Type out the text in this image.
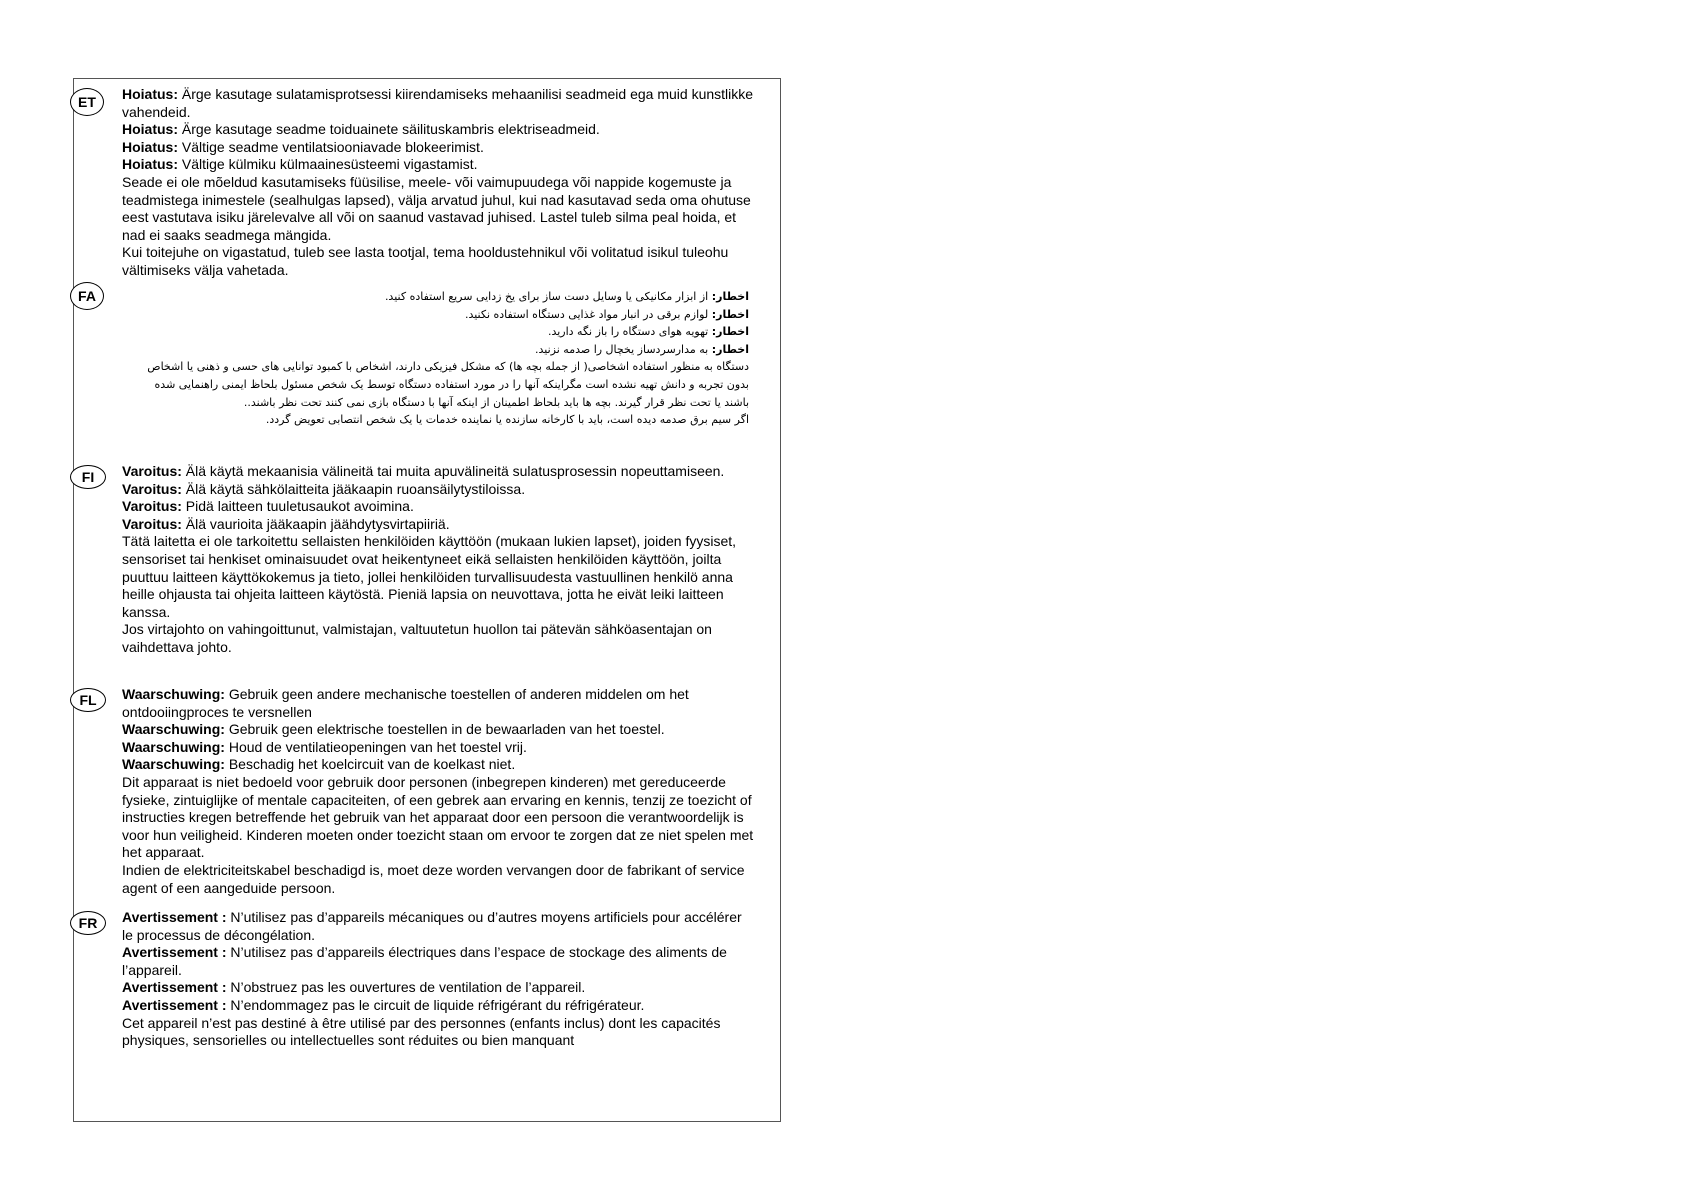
ET	Hoiatus: Ärge kasutage sulatamisprotsessi kiirendamiseks mehaanilisi seadmeid ega muid kunstlikke vahendeid.

Hoiatus: Ärge kasutage seadme toiduainete säilituskambris elektriseadmeid.

Hoiatus: Vältige seadme ventilatsiooniavade blokeerimist.

Hoiatus: Vältige külmiku külmaainesüsteemi vigastamist.

Seade ei ole mõeldud kasutamiseks füüsilise, meele- või vaimupuudega või nappide kogemuste ja teadmistega inimestele (sealhulgas lapsed), välja arvatud juhul, kui nad kasutavad seda oma ohutuse eest vastutava isiku järelevalve all või on saanud vastavad juhised. Lastel tuleb silma peal hoida, et nad ei saaks seadmega mängida.

Kui toitejuhe on vigastatud, tuleb see lasta tootjal, tema hooldustehnikul või volitatud isikul tuleohu vältimiseks välja vahetada.

FA	اخطار: از ابزار مکانیکی یا وسایل دست ساز برای یخ زدایی سریع استفاده کنید.

اخطار: لوازم برقی در انبار مواد غذایی دستگاه استفاده نکنید.

اخطار: تهویه هوای دستگاه را باز نگه دارید.

اخطار: به مدارسردساز یخچال را صدمه نزنید.

دستگاه به منظور استفاده اشخاصی( از جمله بچه ها) که مشکل فیزیکی دارند، اشخاص با کمبود توانایی های حسی و ذهنی یا اشخاص بدون تجربه و دانش تهیه نشده است مگراینکه آنها را در مورد استفاده دستگاه توسط یک شخص مسئول بلحاظ ایمنی راهنمایی شده باشند یا تحت نظر قرار گیرند. بچه ها باید بلحاظ اطمینان از اینکه آنها با دستگاه بازی نمی کنند تحت نظر باشند..

اگر سیم برق صدمه دیده است، باید با کارخانه سازنده یا نماینده خدمات یا یک شخص انتصابی تعویض گردد.

FI	Varoitus: Älä käytä mekaanisia välineitä tai muita apuvälineitä sulatusprosessin nopeuttamiseen.

Varoitus: Älä käytä sähkölaitteita jääkaapin ruoansäilytystiloissa.

Varoitus: Pidä laitteen tuuletusaukot avoimina.

Varoitus: Älä vaurioita jääkaapin jäähdytysvirtapiiriä.

Tätä laitetta ei ole tarkoitettu sellaisten henkilöiden käyttöön (mukaan lukien lapset), joiden fyysiset, sensoriset tai henkiset ominaisuudet ovat heikentyneet eikä sellaisten henkilöiden käyttöön, joilta puuttuu laitteen käyttökokemus ja tieto, jollei henkilöiden turvallisuudesta vastuullinen henkilö anna heille ohjausta tai ohjeita laitteen käytöstä. Pieniä lapsia on neuvottava, jotta he eivät leiki laitteen kanssa.

Jos virtajohto on vahingoittunut, valmistajan, valtuutetun huollon tai pätevän sähköasentajan on vaihdettava johto.

FL	Waarschuwing: Gebruik geen andere mechanische toestellen of anderen middelen om het ontdooiingproces te versnellen

Waarschuwing: Gebruik geen elektrische toestellen in de bewaarladen van het toestel.

Waarschuwing: Houd de ventilatieopeningen van het toestel vrij.

Waarschuwing: Beschadig het koelcircuit van de koelkast niet.

Dit apparaat is niet bedoeld voor gebruik door personen (inbegrepen kinderen) met gereduceerde fysieke, zintuiglijke of mentale capaciteiten, of een gebrek aan ervaring en kennis, tenzij ze toezicht of instructies kregen betreffende het gebruik van het apparaat door een persoon die verantwoordelijk is voor hun veiligheid. Kinderen moeten onder toezicht staan om ervoor te zorgen dat ze niet spelen met het apparaat.

Indien de elektriciteitskabel beschadigd is, moet deze worden vervangen door de fabrikant of service agent of een aangeduide persoon.

FR	Avertissement : N’utilisez pas d’appareils mécaniques ou d’autres moyens artificiels pour accélérer le processus de décongélation.

Avertissement : N’utilisez pas d’appareils électriques dans l’espace de stockage des aliments de l’appareil.

Avertissement : N’obstruez pas les ouvertures de ventilation de l’appareil.

Avertissement : N’endommagez pas le circuit de liquide réfrigérant du réfrigérateur.

Cet appareil n’est pas destiné à être utilisé par des personnes (enfants inclus) dont les capacités physiques, sensorielles ou intellectuelles sont réduites ou bien manquant
